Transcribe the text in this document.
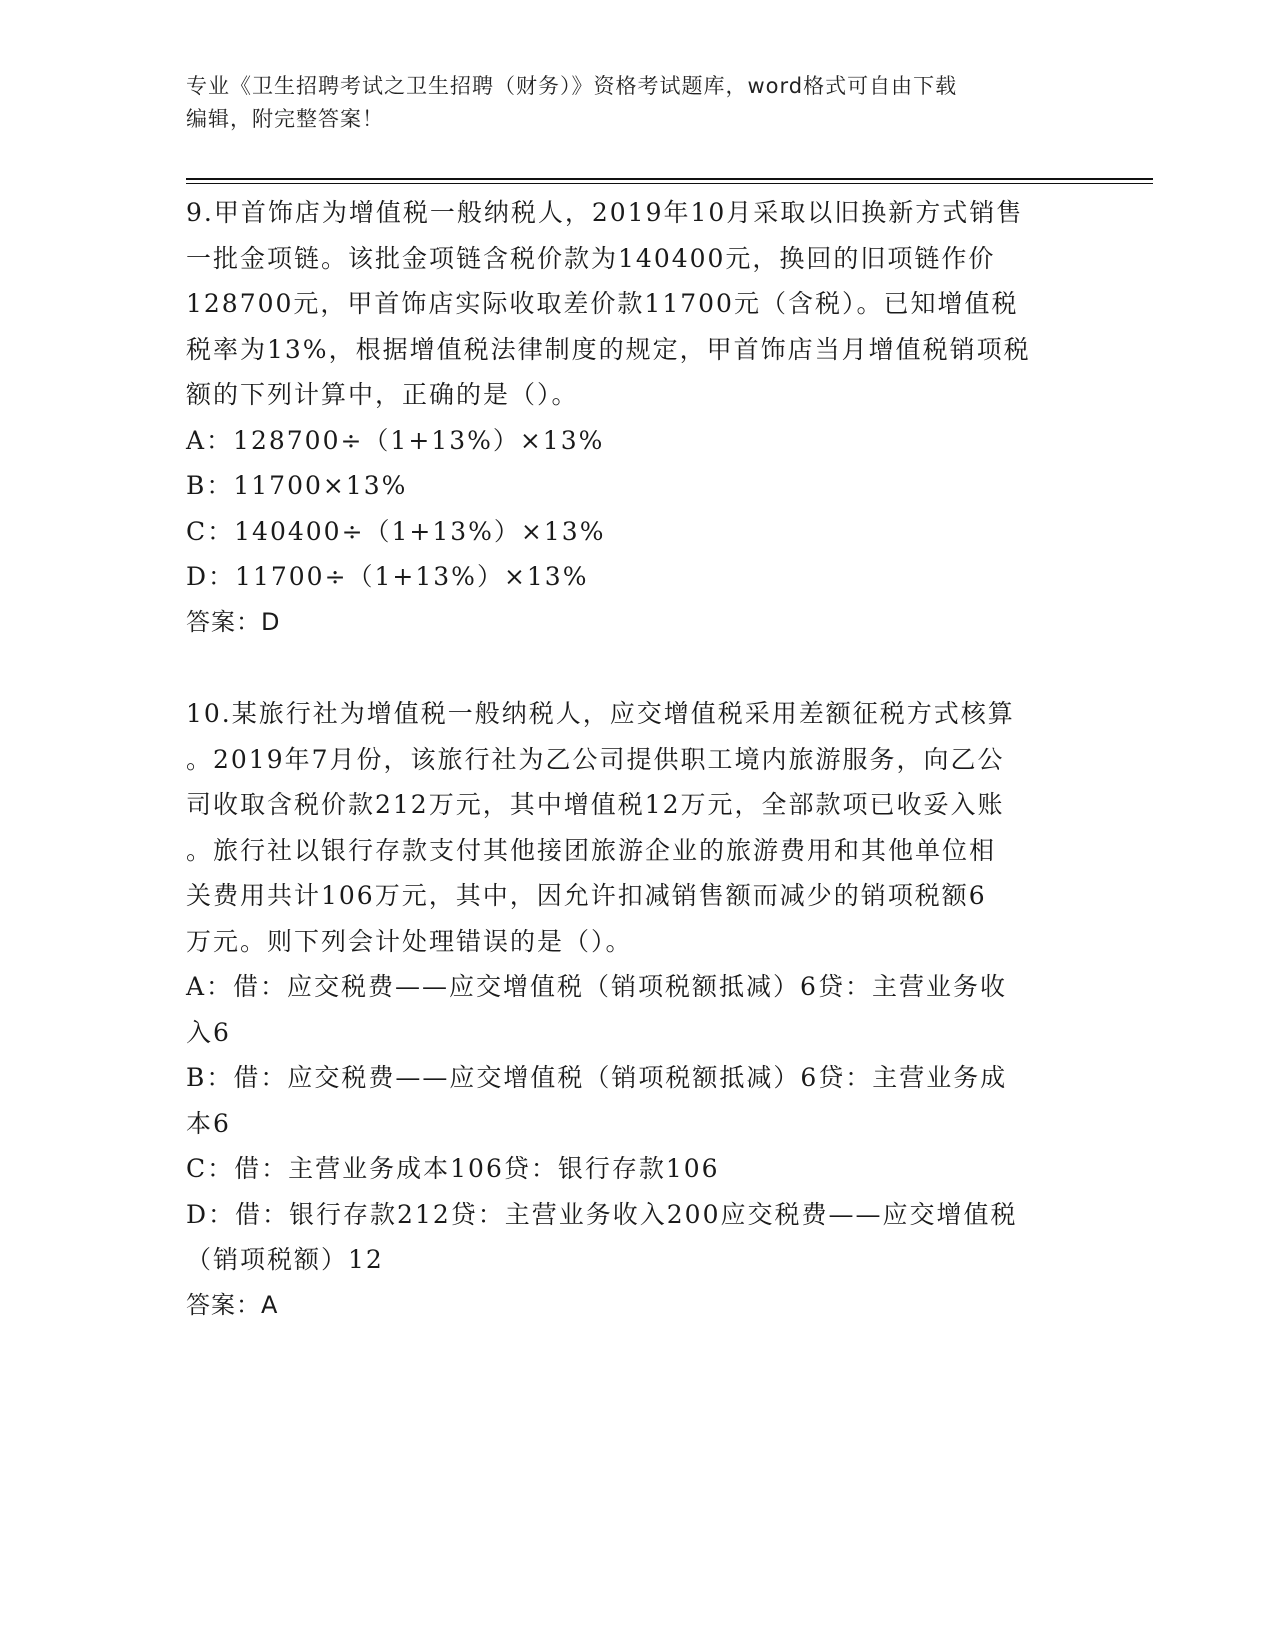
专业《卫生招聘考试之卫生招聘（财务）》资格考试题库，word格式可自由下载
编辑，附完整答案！

9.甲首饰店为增值税一般纳税人，2019年10月采取以旧换新方式销售

一批金项链。该批金项链含税价款为140400元，换回的旧项链作价

128700元，甲首饰店实际收取差价款11700元（含税）。已知增值税

税率为13%，根据增值税法律制度的规定，甲首饰店当月增值税销项税

额的下列计算中，正确的是（）。

A：128700÷（1+13%）×13%

B：11700×13%

C：140400÷（1+13%）×13%

D：11700÷（1+13%）×13%

答案：D

10.某旅行社为增值税一般纳税人，应交增值税采用差额征税方式核算

。2019年7月份，该旅行社为乙公司提供职工境内旅游服务，向乙公

司收取含税价款212万元，其中增值税12万元，全部款项已收妥入账

。旅行社以银行存款支付其他接团旅游企业的旅游费用和其他单位相

关费用共计106万元，其中，因允许扣减销售额而减少的销项税额6

万元。则下列会计处理错误的是（）。

A：借：应交税费——应交增值税（销项税额抵减）6贷：主营业务收

入6

B：借：应交税费——应交增值税（销项税额抵减）6贷：主营业务成

本6

C：借：主营业务成本106贷：银行存款106

D：借：银行存款212贷：主营业务收入200应交税费——应交增值税

（销项税额）12

答案：A
